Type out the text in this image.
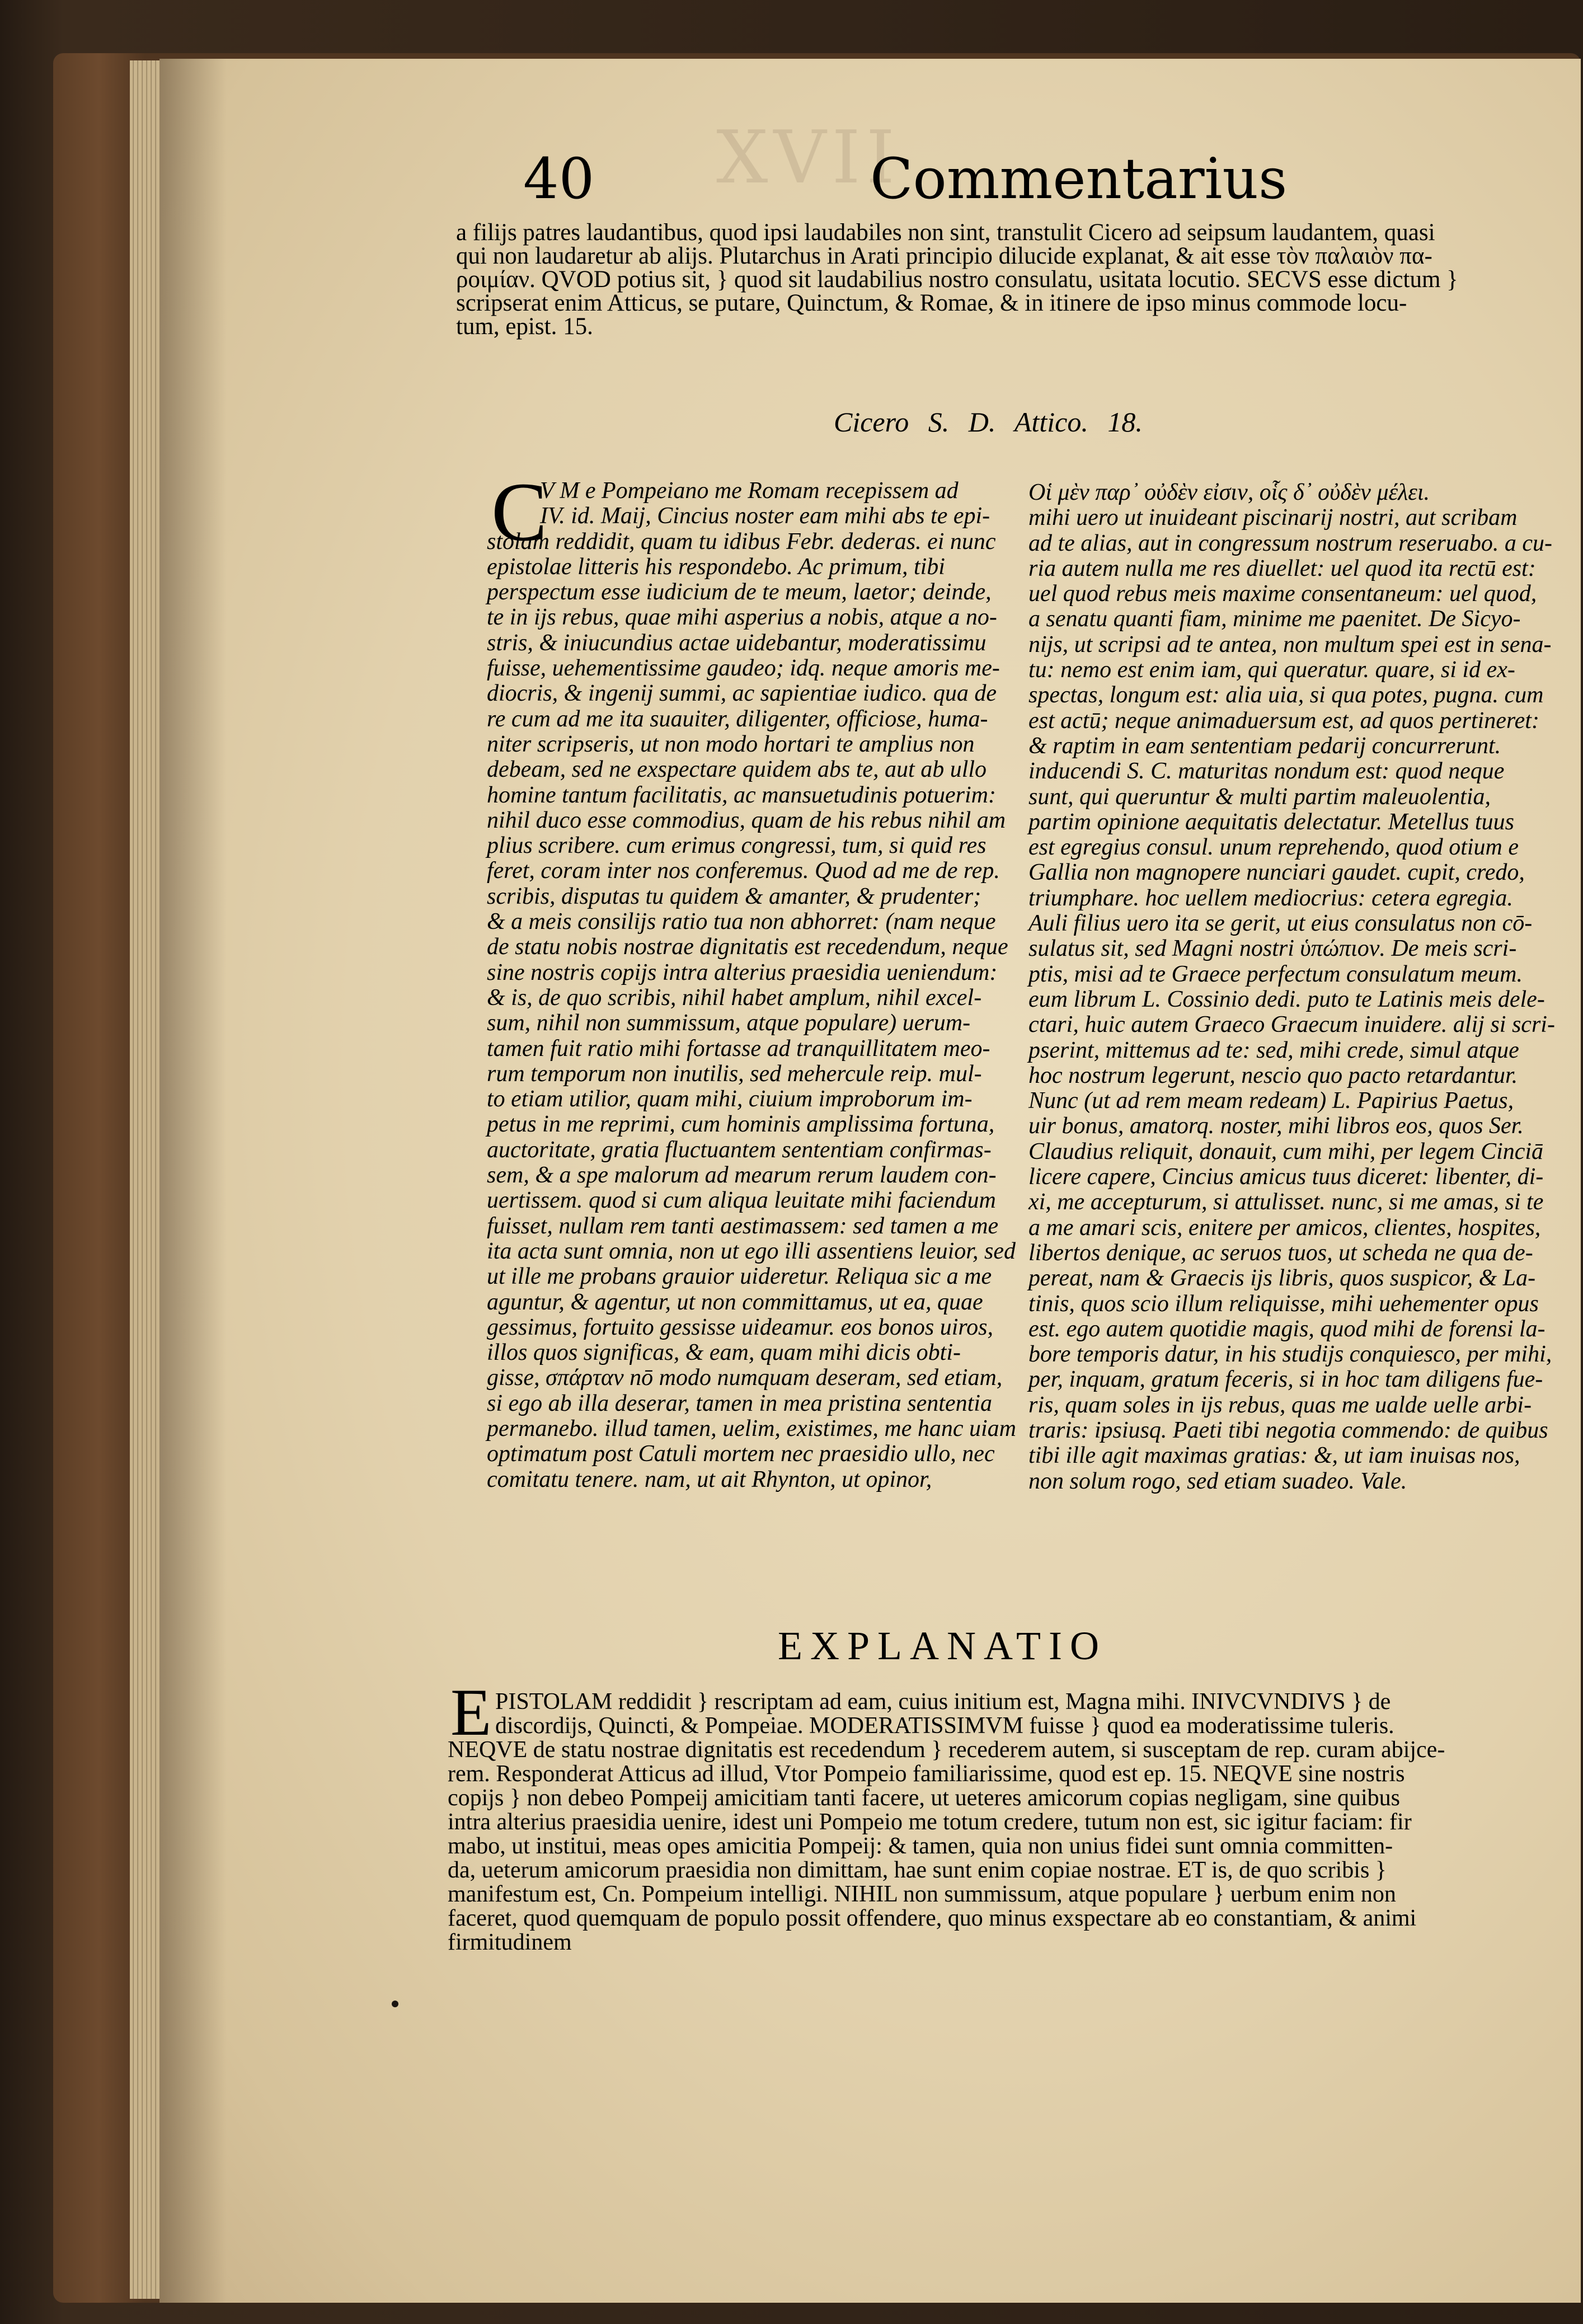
XVII
40	Commentarius
a filijs patres laudantibus, quod ipsi laudabiles non sint, transtulit Cicero ad seipsum laudantem, quasi
qui non laudaretur ab alijs. Plutarchus in Arati principio dilucide explanat, & ait esse τὸν παλαιὸν πα-
ροιμίαν. QVOD potius sit, } quod sit laudabilius nostro consulatu, usitata locutio. SECVS esse dictum }
scripserat enim Atticus, se putare, Quinctum, & Romae, & in itinere de ipso minus commode locu-
tum, epist. 15.
Cicero S. D. Attico. 18.
C
V M e Pompeiano me Romam recepissem ad
IV. id. Maij, Cincius noster eam mihi abs te epi-
stolam reddidit, quam tu idibus Febr. dederas. ei nunc
epistolae litteris his respondebo. Ac primum, tibi
perspectum esse iudicium de te meum, laetor; deinde,
te in ijs rebus, quae mihi asperius a nobis, atque a no-
stris, & iniucundius actae uidebantur, moderatissimu
fuisse, uehementissime gaudeo; idq. neque amoris me-
diocris, & ingenij summi, ac sapientiae iudico. qua de
re cum ad me ita suauiter, diligenter, officiose, huma-
niter scripseris, ut non modo hortari te amplius non
debeam, sed ne exspectare quidem abs te, aut ab ullo
homine tantum facilitatis, ac mansuetudinis potuerim:
nihil duco esse commodius, quam de his rebus nihil am
plius scribere. cum erimus congressi, tum, si quid res
feret, coram inter nos conferemus. Quod ad me de rep.
scribis, disputas tu quidem & amanter, & prudenter;
& a meis consilijs ratio tua non abhorret: (nam neque
de statu nobis nostrae dignitatis est recedendum, neque
sine nostris copijs intra alterius praesidia ueniendum:
& is, de quo scribis, nihil habet amplum, nihil excel-
sum, nihil non summissum, atque populare) uerum-
tamen fuit ratio mihi fortasse ad tranquillitatem meo-
rum temporum non inutilis, sed mehercule reip. mul-
to etiam utilior, quam mihi, ciuium improborum im-
petus in me reprimi, cum hominis amplissima fortuna,
auctoritate, gratia fluctuantem sententiam confirmas-
sem, & a spe malorum ad mearum rerum laudem con-
uertissem. quod si cum aliqua leuitate mihi faciendum
fuisset, nullam rem tanti aestimassem: sed tamen a me
ita acta sunt omnia, non ut ego illi assentiens leuior, sed
ut ille me probans grauior uideretur. Reliqua sic a me
aguntur, & agentur, ut non committamus, ut ea, quae
gessimus, fortuito gessisse uideamur. eos bonos uiros,
illos quos significas, & eam, quam mihi dicis obti-
gisse, σπάρταν nō modo numquam deseram, sed etiam,
si ego ab illa deserar, tamen in mea pristina sententia
permanebo. illud tamen, uelim, existimes, me hanc uiam
optimatum post Catuli mortem nec praesidio ullo, nec
comitatu tenere. nam, ut ait Rhynton, ut opinor,
Οἱ μὲν παρ᾽ οὐδὲν εἰσιν, οἷς δ᾽ οὐδὲν μέλει.
mihi uero ut inuideant piscinarij nostri, aut scribam
ad te alias, aut in congressum nostrum reseruabo. a cu-
ria autem nulla me res diuellet: uel quod ita rectū est:
uel quod rebus meis maxime consentaneum: uel quod,
a senatu quanti fiam, minime me paenitet. De Sicyo-
nijs, ut scripsi ad te antea, non multum spei est in sena-
tu: nemo est enim iam, qui queratur. quare, si id ex-
spectas, longum est: alia uia, si qua potes, pugna. cum
est actū; neque animaduersum est, ad quos pertineret:
& raptim in eam sententiam pedarij concurrerunt.
inducendi S. C. maturitas nondum est: quod neque
sunt, qui queruntur & multi partim maleuolentia,
partim opinione aequitatis delectatur. Metellus tuus
est egregius consul. unum reprehendo, quod otium e
Gallia non magnopere nunciari gaudet. cupit, credo,
triumphare. hoc uellem mediocrius: cetera egregia.
Auli filius uero ita se gerit, ut eius consulatus non cō-
sulatus sit, sed Magni nostri ὑπώπιον. De meis scri-
ptis, misi ad te Graece perfectum consulatum meum.
eum librum L. Cossinio dedi. puto te Latinis meis dele-
ctari, huic autem Graeco Graecum inuidere. alij si scri-
pserint, mittemus ad te: sed, mihi crede, simul atque
hoc nostrum legerunt, nescio quo pacto retardantur.
Nunc (ut ad rem meam redeam) L. Papirius Paetus,
uir bonus, amatorq. noster, mihi libros eos, quos Ser.
Claudius reliquit, donauit, cum mihi, per legem Cinciā
licere capere, Cincius amicus tuus diceret: libenter, di-
xi, me accepturum, si attulisset. nunc, si me amas, si te
a me amari scis, enitere per amicos, clientes, hospites,
libertos denique, ac seruos tuos, ut scheda ne qua de-
pereat, nam & Graecis ijs libris, quos suspicor, & La-
tinis, quos scio illum reliquisse, mihi uehementer opus
est. ego autem quotidie magis, quod mihi de forensi la-
bore temporis datur, in his studijs conquiesco, per mihi,
per, inquam, gratum feceris, si in hoc tam diligens fue-
ris, quam soles in ijs rebus, quas me ualde uelle arbi-
traris: ipsiusq. Paeti tibi negotia commendo: de quibus
tibi ille agit maximas gratias: &, ut iam inuisas nos,
non solum rogo, sed etiam suadeo. Vale.
EXPLANATIO
E PISTOLAM reddidit } rescriptam ad eam, cuius initium est, Magna mihi. INIVCVNDIVS } de
discordijs, Quincti, & Pompeiae. MODERATISSIMVM fuisse } quod ea moderatissime tuleris.
NEQVE de statu nostrae dignitatis est recedendum } recederem autem, si susceptam de rep. curam abijce-
rem. Responderat Atticus ad illud, Vtor Pompeio familiarissime, quod est ep. 15. NEQVE sine nostris
copijs } non debeo Pompeij amicitiam tanti facere, ut ueteres amicorum copias negligam, sine quibus
intra alterius praesidia uenire, idest uni Pompeio me totum credere, tutum non est, sic igitur faciam: fir
mabo, ut institui, meas opes amicitia Pompeij: & tamen, quia non unius fidei sunt omnia committen-
da, ueterum amicorum praesidia non dimittam, hae sunt enim copiae nostrae. ET is, de quo scribis }
manifestum est, Cn. Pompeium intelligi. NIHIL non summissum, atque populare } uerbum enim non
faceret, quod quemquam de populo possit offendere, quo minus exspectare ab eo constantiam, & animi
firmitudinem
